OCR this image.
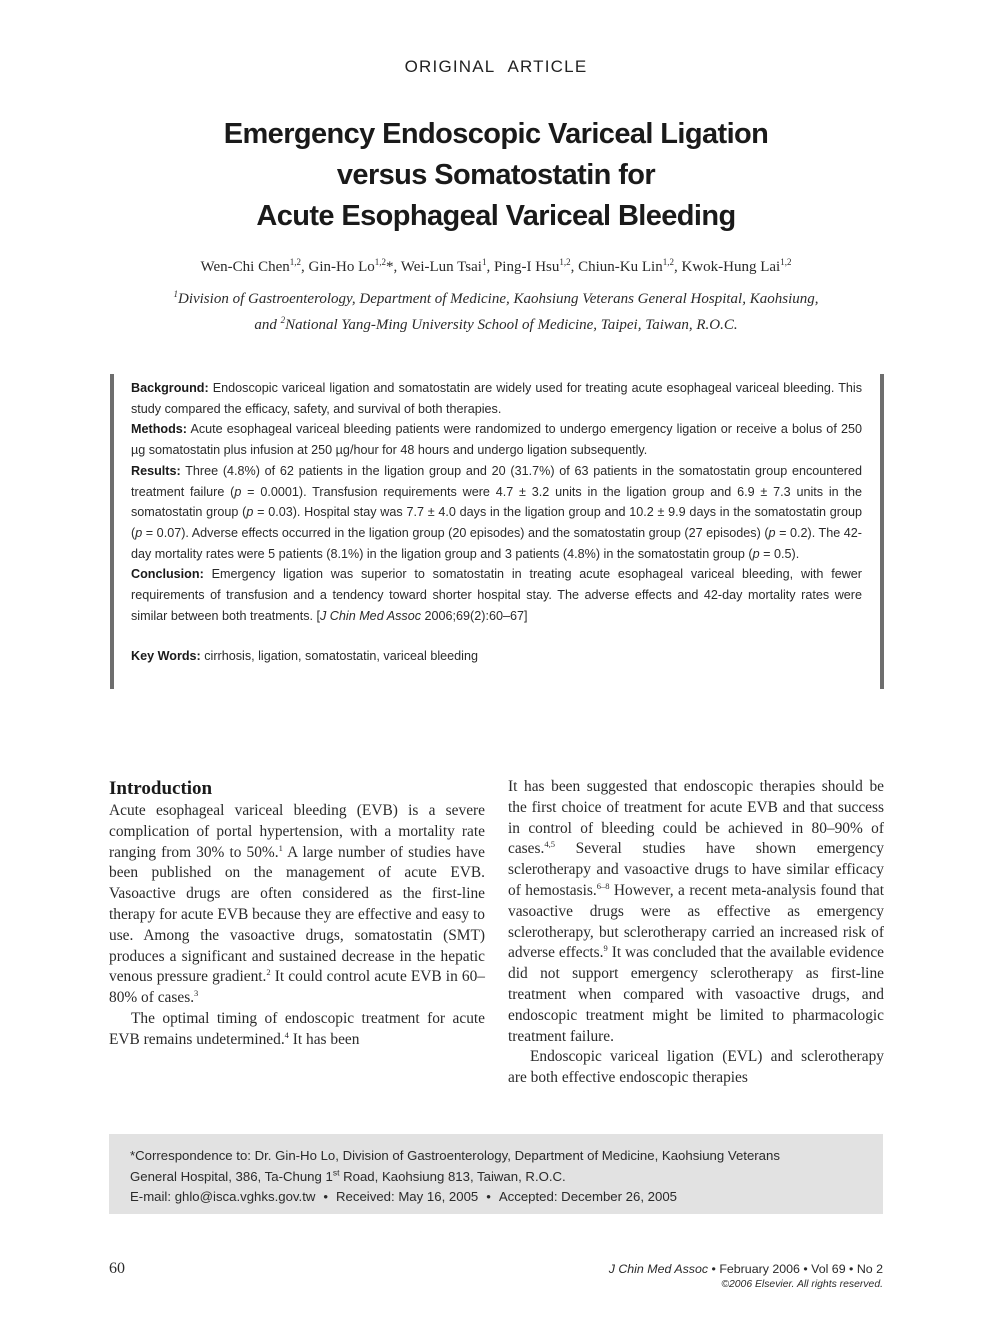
ORIGINAL ARTICLE
Emergency Endoscopic Variceal Ligation
versus Somatostatin for
Acute Esophageal Variceal Bleeding
Wen-Chi Chen$^{1,2}$, Gin-Ho Lo$^{1,2}$*, Wei-Lun Tsai$^1$, Ping-I Hsu$^{1,2}$, Chiun-Ku Lin$^{1,2}$, Kwok-Hung Lai$^{1,2}$
$^1$Division of Gastroenterology, Department of Medicine, Kaohsiung Veterans General Hospital, Kaohsiung,
and $^2$National Yang-Ming University School of Medicine, Taipei, Taiwan, R.O.C.

Background: Endoscopic variceal ligation and somatostatin are widely used for treating acute esophageal variceal bleeding. This study compared the efficacy, safety, and survival of both therapies.

Methods: Acute esophageal variceal bleeding patients were randomized to undergo emergency ligation or receive a bolus of 250 µg somatostatin plus infusion at 250 µg/hour for 48 hours and undergo ligation subsequently.

Results: Three (4.8%) of 62 patients in the ligation group and 20 (31.7%) of 63 patients in the somatostatin group encountered treatment failure (p = 0.0001). Transfusion requirements were 4.7 ± 3.2 units in the ligation group and 6.9 ± 7.3 units in the somatostatin group (p = 0.03). Hospital stay was 7.7 ± 4.0 days in the ligation group and 10.2 ± 9.9 days in the somatostatin group (p = 0.07). Adverse effects occurred in the ligation group (20 episodes) and the somatostatin group (27 episodes) (p = 0.2). The 42-day mortality rates were 5 patients (8.1%) in the ligation group and 3 patients (4.8%) in the somatostatin group (p = 0.5).

Conclusion: Emergency ligation was superior to somatostatin in treating acute esophageal variceal bleeding, with fewer requirements of transfusion and a tendency toward shorter hospital stay. The adverse effects and 42-day mortality rates were similar between both treatments. [J Chin Med Assoc 2006;69(2):60–67]

Key Words: cirrhosis, ligation, somatostatin, variceal bleeding

Introduction

Acute esophageal variceal bleeding (EVB) is a severe complication of portal hypertension, with a mortality rate ranging from 30% to 50%.$^1$ A large number of studies have been published on the management of acute EVB. Vasoactive drugs are often considered as the first-line therapy for acute EVB because they are effective and easy to use. Among the vasoactive drugs, somatostatin (SMT) produces a significant and sustained decrease in the hepatic venous pressure gradient.$^2$ It could control acute EVB in 60–80% of cases.$^3$

The optimal timing of endoscopic treatment for acute EVB remains undetermined.$^4$ It has been

It has been suggested that endoscopic therapies should be the first choice of treatment for acute EVB and that success in control of bleeding could be achieved in 80–90% of cases.$^{4,5}$ Several studies have shown emergency sclerotherapy and vasoactive drugs to have similar efficacy of hemostasis.$^{6-8}$ However, a recent meta-analysis found that vasoactive drugs were as effective as emergency sclerotherapy, but sclerotherapy carried an increased risk of adverse effects.$^9$ It was concluded that the available evidence did not support emergency sclerotherapy as first-line treatment when compared with vasoactive drugs, and endoscopic treatment might be limited to pharmacologic treatment failure.

Endoscopic variceal ligation (EVL) and sclerotherapy are both effective endoscopic therapies

*Correspondence to: Dr. Gin-Ho Lo, Division of Gastroenterology, Department of Medicine, Kaohsiung Veterans
General Hospital, 386, Ta-Chung 1st Road, Kaohsiung 813, Taiwan, R.O.C.
E-mail: ghlo@isca.vghks.gov.tw • Received: May 16, 2005 • Accepted: December 26, 2005
60	J Chin Med Assoc • February 2006 • Vol 69 • No 2
©2006 Elsevier. All rights reserved.
